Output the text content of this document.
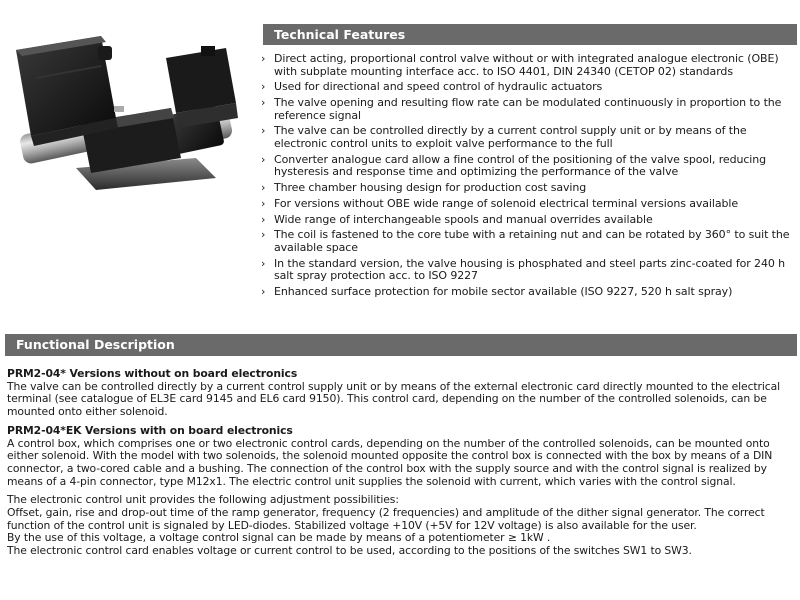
Technical Features
› Direct acting, proportional control valve without or with integrated analogue electronic (OBE) with subplate mounting interface acc. to ISO 4401, DIN 24340 (CETOP 02) standards
› Used for directional and speed control of hydraulic actuators
› The valve opening and resulting flow rate can be modulated continuously in proportion to the reference signal
› The valve can be controlled directly by a current control supply unit or by means of the electronic control units to exploit valve performance to the full
› Converter analogue card allow a fine control of the positioning of the valve spool, reducing hysteresis and response time and optimizing the performance of the valve
› Three chamber housing design for production cost saving
› For versions without OBE wide range of solenoid electrical terminal versions available
› Wide range of interchangeable spools and manual overrides available
› The coil is fastened to the core tube with a retaining nut and can be rotated by 360° to suit the available space
› In the standard version, the valve housing is phosphated and steel parts zinc-coated for 240 h salt spray protection acc. to ISO 9227
› Enhanced surface protection for mobile sector available (ISO 9227, 520 h salt spray)
Functional Description

PRM2-04* Versions without on board electronics

The valve can be controlled directly by a current control supply unit or by means of the external electronic card directly mounted to the electrical terminal (see catalogue of EL3E card 9145 and EL6 card 9150). This control card, depending on the number of the controlled solenoids, can be mounted onto either solenoid.

PRM2-04*EK Versions with on board electronics

A control box, which comprises one or two electronic control cards, depending on the number of the controlled solenoids, can be mounted onto either solenoid. With the model with two solenoids, the solenoid mounted opposite the control box is connected with the box by means of a DIN connector, a two-cored cable and a bushing. The connection of the control box with the supply source and with the control signal is realized by means of a 4-pin connector, type M12x1. The electric control unit supplies the solenoid with current, which varies with the control signal.

The electronic control unit provides the following adjustment possibilities:

Offset, gain, rise and drop-out time of the ramp generator, frequency (2 frequencies) and amplitude of the dither signal generator. The correct function of the control unit is signaled by LED-diodes. Stabilized voltage +10V (+5V for 12V voltage) is also available for the user.

By the use of this voltage, a voltage control signal can be made by means of a potentiometer ≥ 1kW .

The electronic control card enables voltage or current control to be used, according to the positions of the switches SW1 to SW3.
